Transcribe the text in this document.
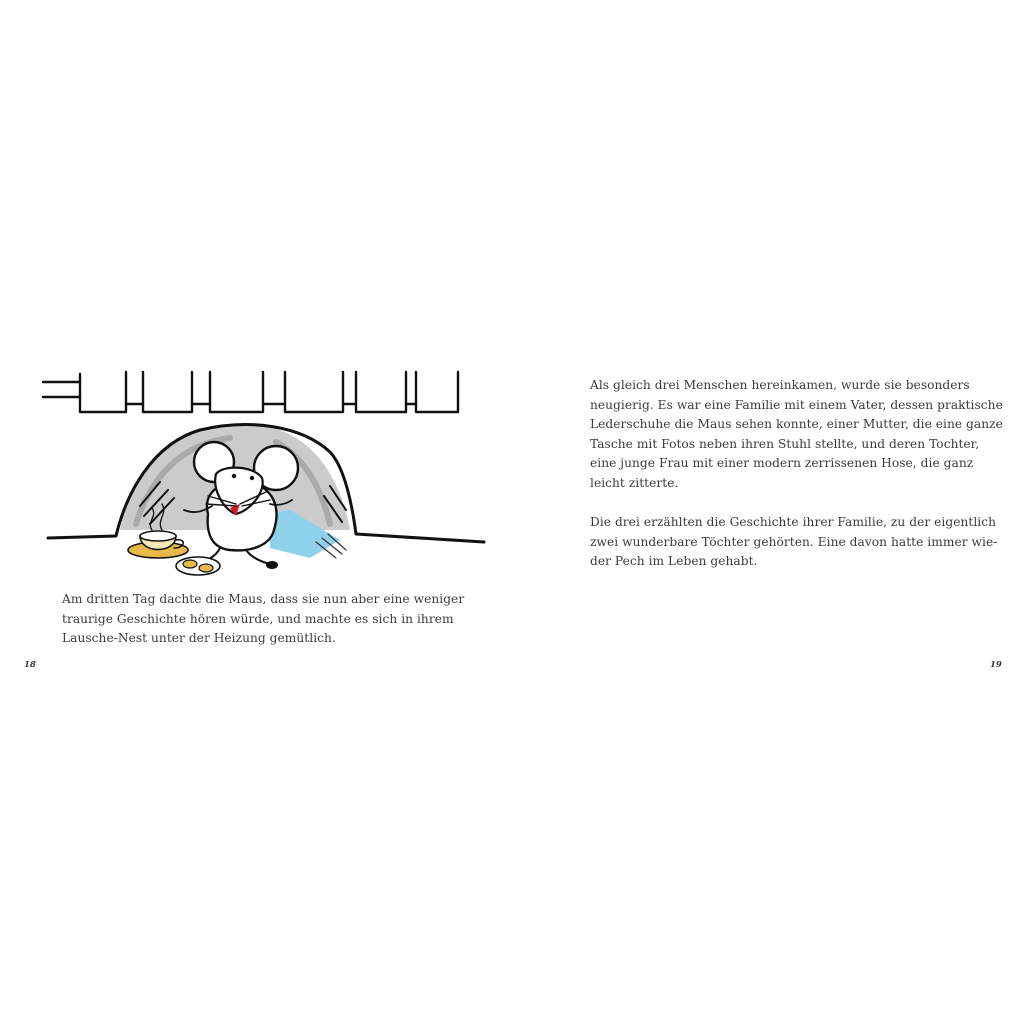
Am dritten Tag dachte die Maus, dass sie nun aber eine weniger

traurige Geschichte hören würde, und machte es sich in ihrem

Lausche-Nest unter der Heizung gemütlich.

Als gleich drei Menschen hereinkamen, wurde sie besonders

neugierig. Es war eine Familie mit einem Vater, dessen praktische

Lederschuhe die Maus sehen konnte, einer Mutter, die eine ganze

Tasche mit Fotos neben ihren Stuhl stellte, und deren Tochter,

eine junge Frau mit einer modern zerrissenen Hose, die ganz

leicht zitterte.

Die drei erzählten die Geschichte ihrer Familie, zu der eigentlich

zwei wunderbare Töchter gehörten. Eine davon hatte immer wie-

der Pech im Leben gehabt.

18	19
